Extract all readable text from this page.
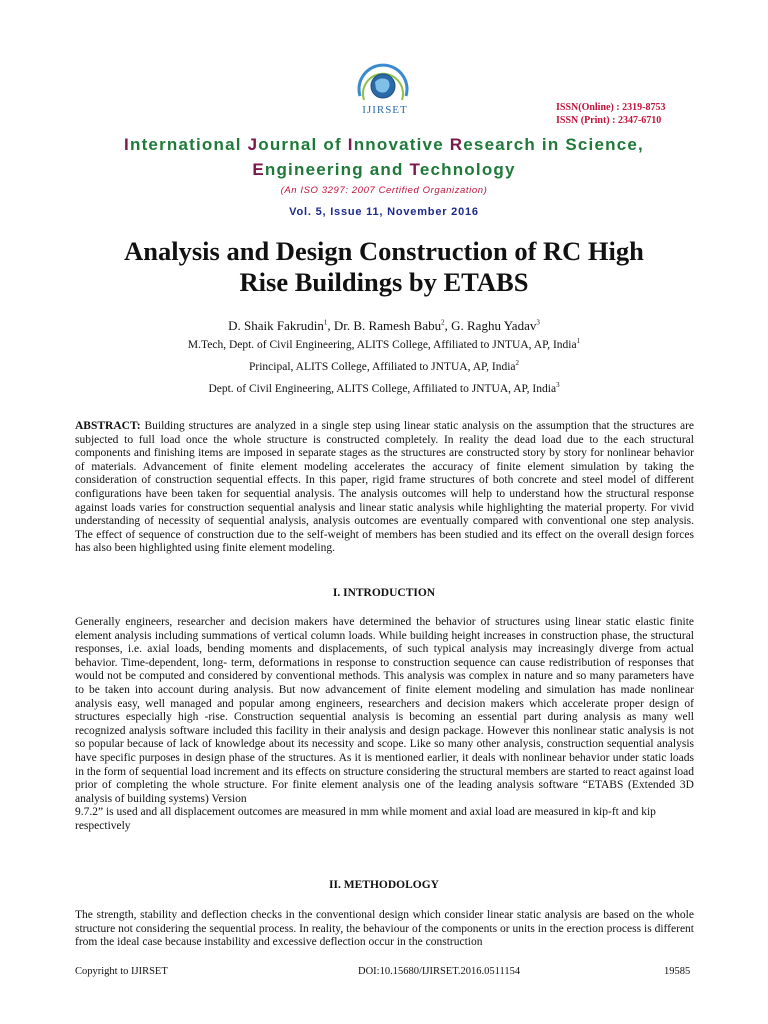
IJIRSET	ISSN(Online) : 2319-8753
ISSN (Print) : 2347-6710
International Journal of Innovative Research in Science,
Engineering and Technology
(An ISO 3297: 2007 Certified Organization)
Vol. 5, Issue 11, November 2016
Analysis and Design Construction of RC High
Rise Buildings by ETABS
D. Shaik Fakrudin$^1$, Dr. B. Ramesh Babu$^2$, G. Raghu Yadav$^3$
M.Tech, Dept. of Civil Engineering, ALITS College, Affiliated to JNTUA, AP, India$^1$
Principal, ALITS College, Affiliated to JNTUA, AP, India$^2$
Dept. of Civil Engineering, ALITS College, Affiliated to JNTUA, AP, India$^3$
ABSTRACT: Building structures are analyzed in a single step using linear static analysis on the assumption that the structures are subjected to full load once the whole structure is constructed completely. In reality the dead load due to the each structural components and finishing items are imposed in separate stages as the structures are constructed story by story for nonlinear behavior of materials. Advancement of finite element modeling accelerates the accuracy of finite element simulation by taking the consideration of construction sequential effects. In this paper, rigid frame structures of both concrete and steel model of different configurations have been taken for sequential analysis. The analysis outcomes will help to understand how the structural response against loads varies for construction sequential analysis and linear static analysis while highlighting the material property. For vivid understanding of necessity of sequential analysis, analysis outcomes are eventually compared with conventional one step analysis. The effect of sequence of construction due to the self-weight of members has been studied and its effect on the overall design forces has also been highlighted using finite element modeling.
I. INTRODUCTION
Generally engineers, researcher and decision makers have determined the behavior of structures using linear static elastic finite element analysis including summations of vertical column loads. While building height increases in construction phase, the structural responses, i.e. axial loads, bending moments and displacements, of such typical analysis may increasingly diverge from actual behavior. Time-dependent, long- term, deformations in response to construction sequence can cause redistribution of responses that would not be computed and considered by conventional methods. This analysis was complex in nature and so many parameters have to be taken into account during analysis. But now advancement of finite element modeling and simulation has made nonlinear analysis easy, well managed and popular among engineers, researchers and decision makers which accelerate proper design of structures especially high -rise. Construction sequential analysis is becoming an essential part during analysis as many well recognized analysis software included this facility in their analysis and design package. However this nonlinear static analysis is not so popular because of lack of knowledge about its necessity and scope. Like so many other analysis, construction sequential analysis have specific purposes in design phase of the structures. As it is mentioned earlier, it deals with nonlinear behavior under static loads in the form of sequential load increment and its effects on structure considering the structural members are started to react against load prior of completing the whole structure. For finite element analysis one of the leading analysis software “ETABS (Extended 3D analysis of building systems) Version
9.7.2” is used and all displacement outcomes are measured in mm while moment and axial load are measured in kip-ft and kip respectively
II. METHODOLOGY
The strength, stability and deflection checks in the conventional design which consider linear static analysis are based on the whole structure not considering the sequential process. In reality, the behaviour of the components or units in the erection process is different from the ideal case because instability and excessive deflection occur in the construction
Copyright to IJIRSET	DOI:10.15680/IJIRSET.2016.0511154	19585
